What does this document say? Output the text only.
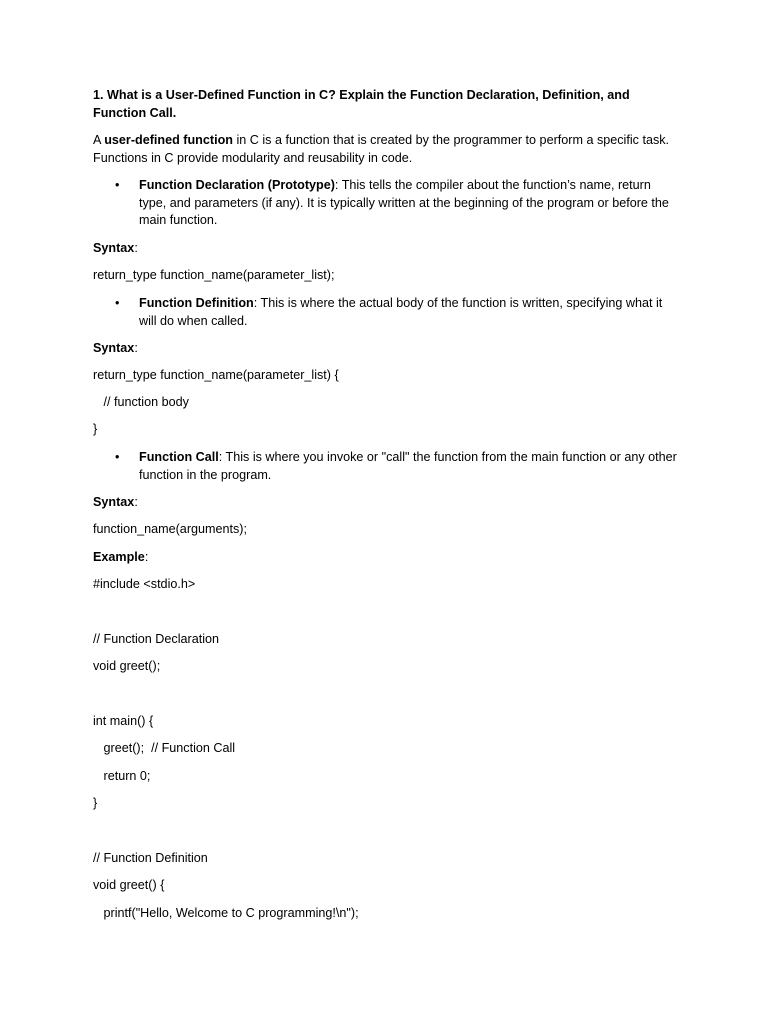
1. What is a User-Defined Function in C? Explain the Function Declaration, Definition, and Function Call.

A user-defined function in C is a function that is created by the programmer to perform a specific task. Functions in C provide modularity and reusability in code.

• Function Declaration (Prototype): This tells the compiler about the function’s name, return type, and parameters (if any). It is typically written at the beginning of the program or before the main function.

Syntax:

return_type function_name(parameter_list);

• Function Definition: This is where the actual body of the function is written, specifying what it will do when called.

Syntax:

return_type function_name(parameter_list) {

// function body

}

• Function Call: This is where you invoke or "call" the function from the main function or any other function in the program.

Syntax:

function_name(arguments);

Example:

#include <stdio.h>

// Function Declaration

void greet();

int main() {

greet();  // Function Call

return 0;

}

// Function Definition

void greet() {

printf("Hello, Welcome to C programming!\n");
